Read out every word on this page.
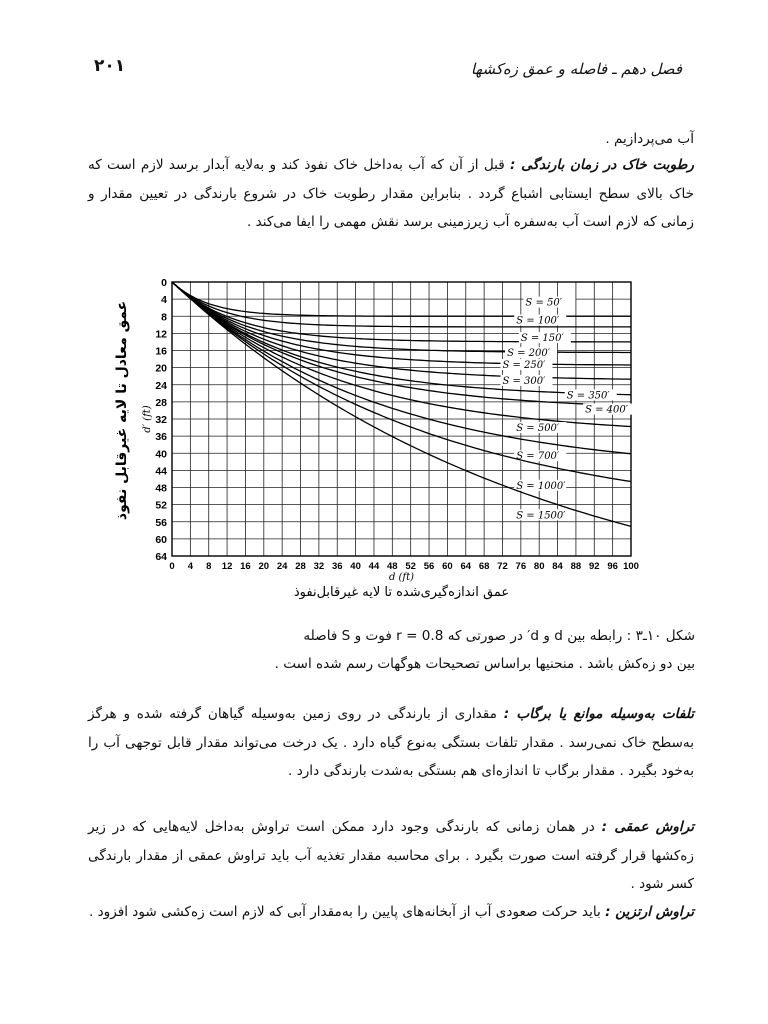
۲۰۱	فصل دهم ـ فاصله و عمق زه‌کشها
آب می‌پردازیم .
رطوبت خاک در زمان بارندگی : قبل از آن که آب به‌داخل خاک نفوذ کند و به‌لایه آبدار برسد لازم است که خاک بالای سطح ایستابی اشباع گردد . بنابراین مقدار رطوبت خاک در شروع بارندگی در تعیین مقدار و زمانی که لازم است آب به‌سفره آب زیرزمینی برسد نقش مهمی را ایفا می‌کند .
0 4 8 12 16 20 24 28 32 36 40 44 48 52 56 60 64 68 72 76 80 84 88 92 96 100
0
4
8
12
16
20
24
28
32
36
40
44
48
52
56
60
64
d (ft)
عمق اندازه‌گیری‌شده تا لایه غیرقابل‌نفوذ
d′ (ft)
عمق معادل تا لایه غیرقابل نفوذ	S = 50′
S = 100′
S = 150′
S = 200′
S = 250′
S = 300′
S = 350′
S = 400′
S = 500′
S = 700′
S = 1000′
S = 1500′
شکل ۱۰ـ۳ : رابطه بین d و d′ در صورتی که r = 0.8 فوت و S فاصله
بین دو زه‌کش باشد . منحنیها براساس تصحیحات هوگهات رسم شده است .
تلفات به‌وسیله موانع یا برگاب : مقداری از بارندگی در روی زمین به‌وسیله گیاهان گرفته شده و هرگز به‌سطح خاک نمی‌رسد . مقدار تلفات بستگی به‌نوع گیاه دارد . یک درخت می‌تواند مقدار قابل توجهی آب را به‌خود بگیرد . مقدار برگاب تا اندازه‌ای هم بستگی به‌شدت بارندگی دارد .
تراوش عمقی : در همان زمانی که بارندگی وجود دارد ممکن است تراوش به‌داخل لایه‌هایی که در زیر زه‌کشها قرار گرفته است صورت بگیرد . برای محاسبه مقدار تغذیه آب باید تراوش عمقی از مقدار بارندگی کسر شود .
تراوش ارتزین : باید حرکت صعودی آب از آبخانه‌های پایین را به‌مقدار آبی که لازم است زه‌کشی شود افزود .
